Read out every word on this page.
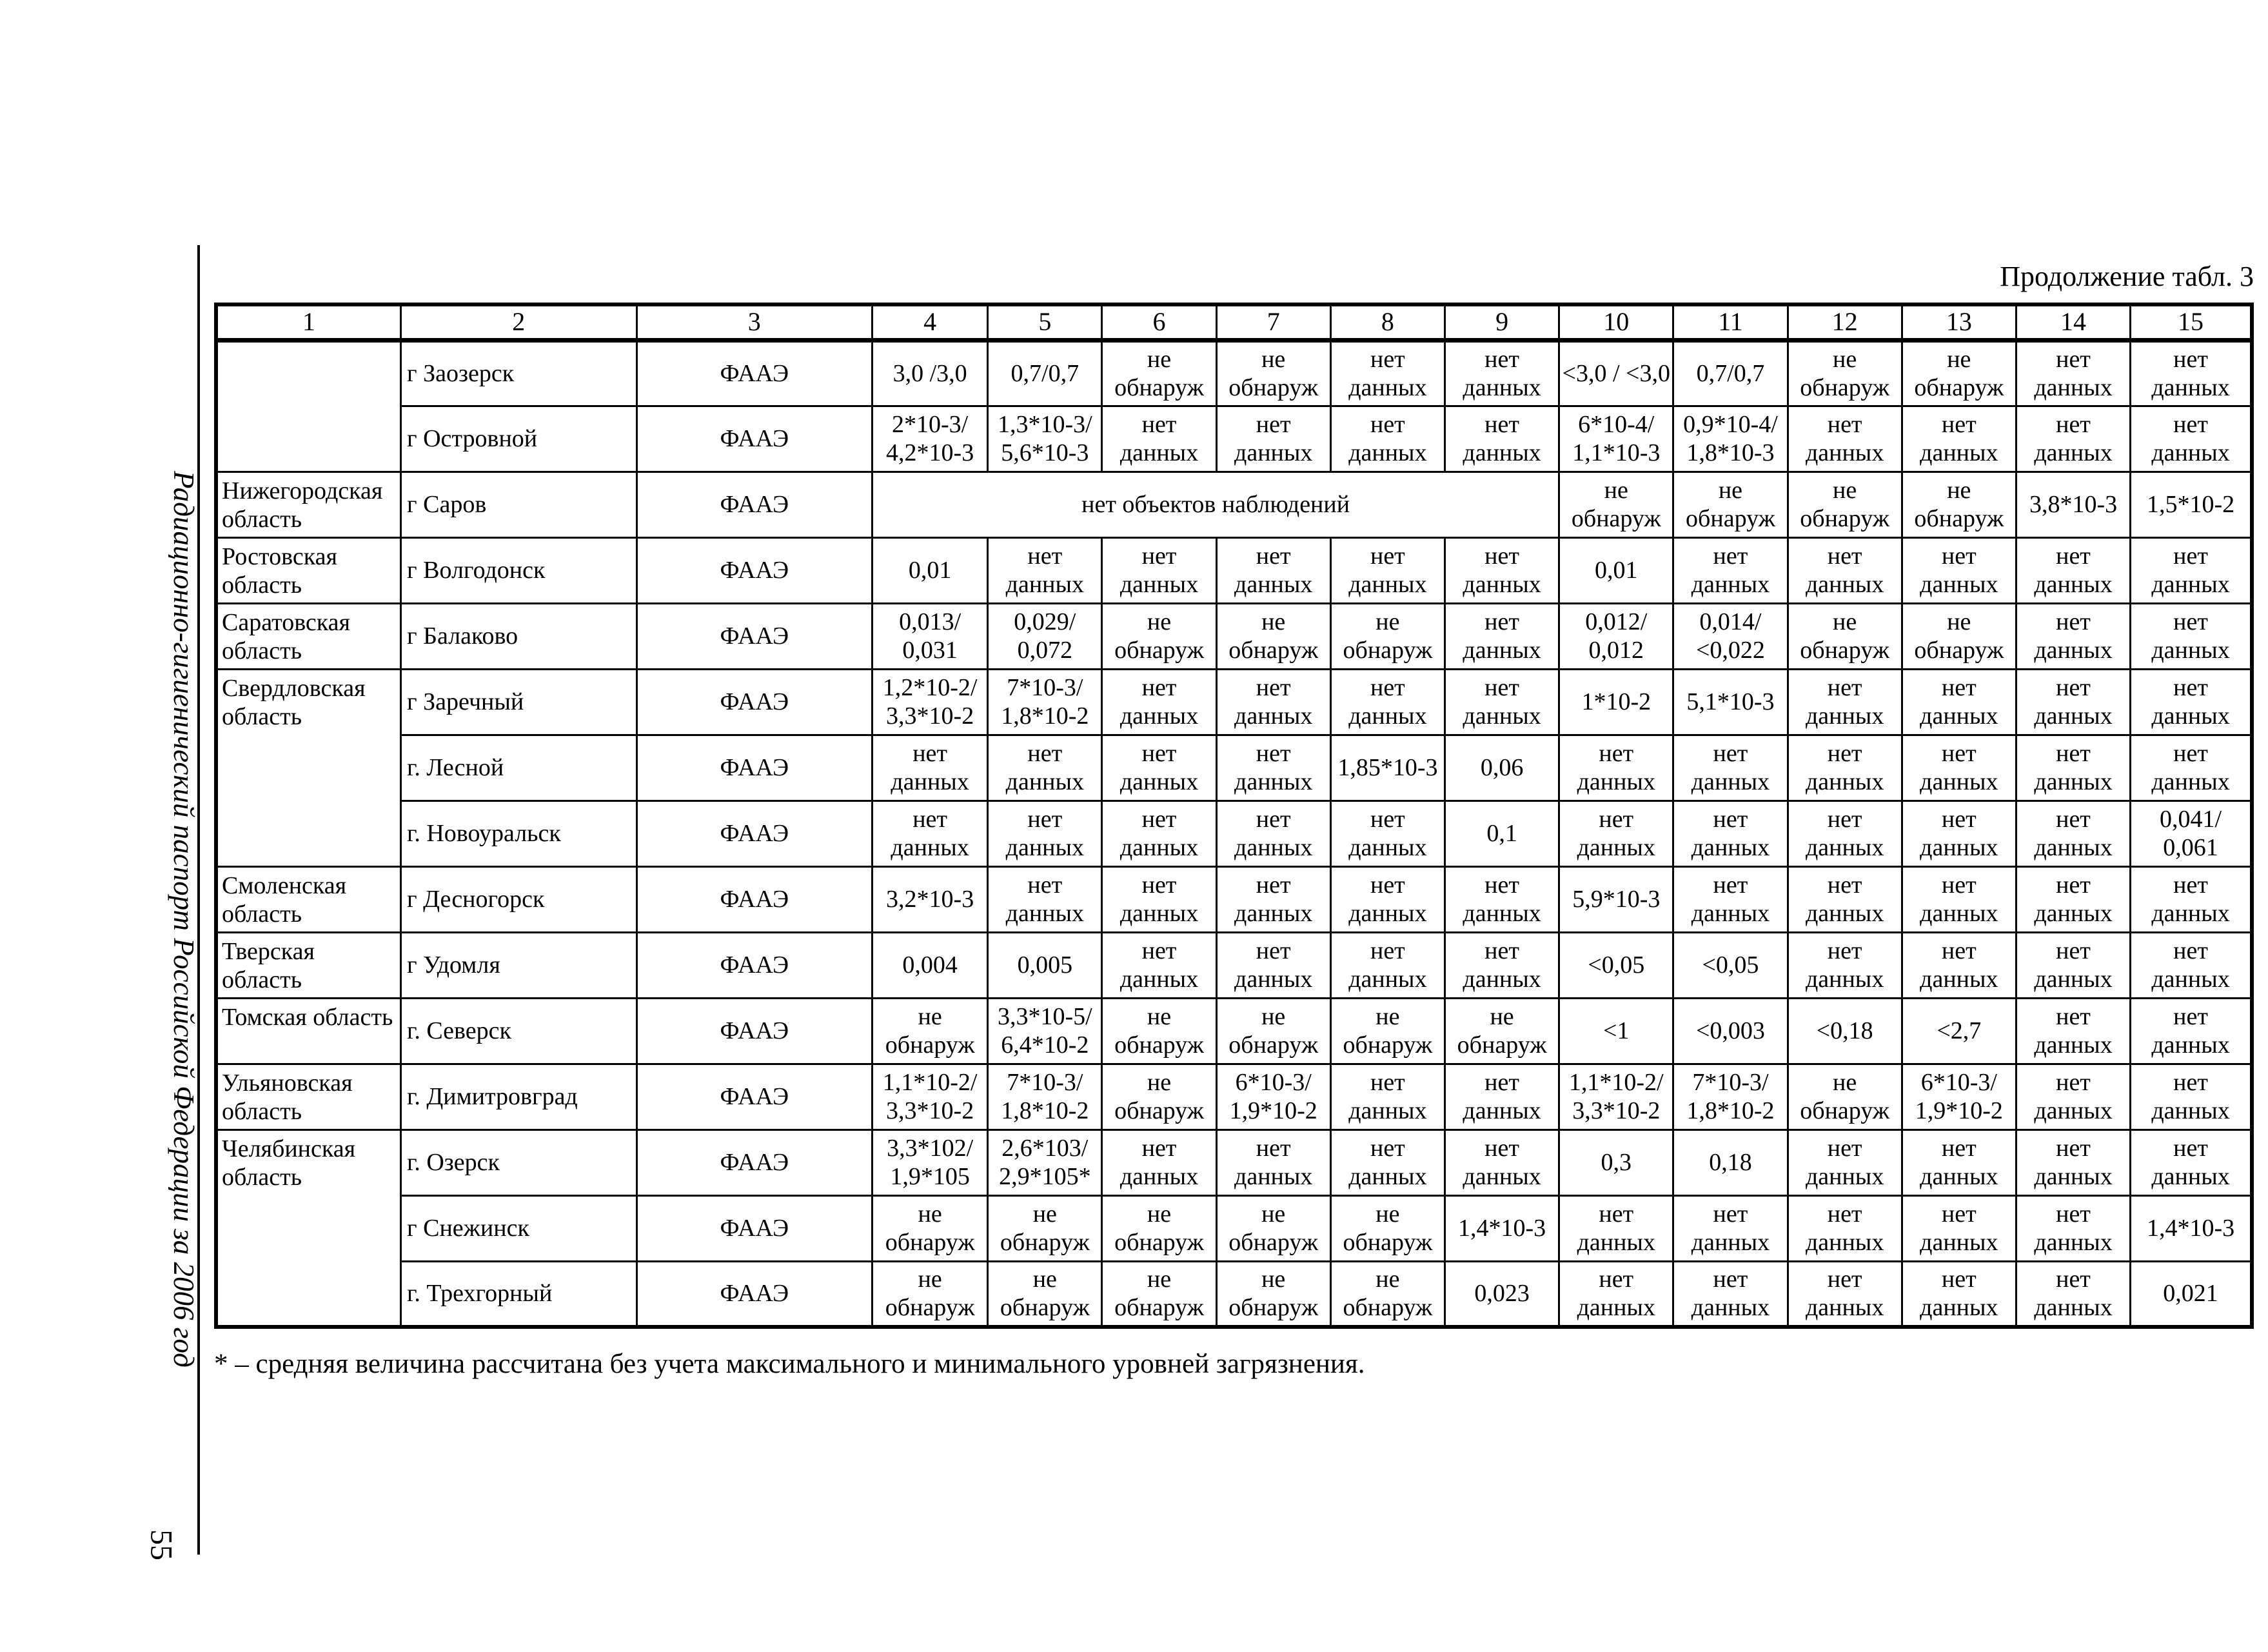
Радиационно-гигиенический паспорт Российской Федерации за 2006 год
55
Продолжение табл. 3
1	2	3	4	5	6	7	8	9	10	11	12	13	14	15
	г Заозерск	ФААЭ	3,0 /3,0	0,7/0,7	не обнаруж	не обнаруж	нет данных	нет данных	<3,0 / <3,0	0,7/0,7	не обнаруж	не обнаруж	нет данных	нет данных
	г Островной	ФААЭ	2*10-3/ 4,2*10-3	1,3*10-3/ 5,6*10-3	нет данных	нет данных	нет данных	нет данных	6*10-4/ 1,1*10-3	0,9*10-4/ 1,8*10-3	нет данных	нет данных	нет данных	нет данных
Нижегородская область	г Саров	ФААЭ	нет объектов наблюдений						не обнаруж	не обнаруж	не обнаруж	не обнаруж	3,8*10-3	1,5*10-2
Ростовская область	г Волгодонск	ФААЭ	0,01	нет данных	нет данных	нет данных	нет данных	нет данных	0,01	нет данных	нет данных	нет данных	нет данных	нет данных
Саратовская область	г Балаково	ФААЭ	0,013/ 0,031	0,029/ 0,072	не обнаруж	не обнаруж	не обнаруж	нет данных	0,012/ 0,012	0,014/ <0,022	не обнаруж	не обнаруж	нет данных	нет данных
Свердловская область	г Заречный	ФААЭ	1,2*10-2/ 3,3*10-2	7*10-3/ 1,8*10-2	нет данных	нет данных	нет данных	нет данных	1*10-2	5,1*10-3	нет данных	нет данных	нет данных	нет данных
	г. Лесной	ФААЭ	нет данных	нет данных	нет данных	нет данных	1,85*10-3	0,06	нет данных	нет данных	нет данных	нет данных	нет данных	нет данных
	г. Новоуральск	ФААЭ	нет данных	нет данных	нет данных	нет данных	нет данных	0,1	нет данных	нет данных	нет данных	нет данных	нет данных	0,041/ 0,061
Смоленская область	г Десногорск	ФААЭ	3,2*10-3	нет данных	нет данных	нет данных	нет данных	нет данных	5,9*10-3	нет данных	нет данных	нет данных	нет данных	нет данных
Тверская область	г Удомля	ФААЭ	0,004	0,005	нет данных	нет данных	нет данных	нет данных	<0,05	<0,05	нет данных	нет данных	нет данных	нет данных
Томская область	г. Северск	ФААЭ	не обнаруж	3,3*10-5/ 6,4*10-2	не обнаруж	не обнаруж	не обнаруж	не обнаруж	<1	<0,003	<0,18	<2,7	нет данных	нет данных
Ульяновская область	г. Димитровград	ФААЭ	1,1*10-2/ 3,3*10-2	7*10-3/ 1,8*10-2	не обнаруж	6*10-3/ 1,9*10-2	нет данных	нет данных	1,1*10-2/ 3,3*10-2	7*10-3/ 1,8*10-2	не обнаруж	6*10-3/ 1,9*10-2	нет данных	нет данных
Челябинская область	г. Озерск	ФААЭ	3,3*102/ 1,9*105	2,6*103/ 2,9*105*	нет данных	нет данных	нет данных	нет данных	0,3	0,18	нет данных	нет данных	нет данных	нет данных
	г Снежинск	ФААЭ	не обнаруж	не обнаруж	не обнаруж	не обнаруж	не обнаруж	1,4*10-3	нет данных	нет данных	нет данных	нет данных	нет данных	1,4*10-3
	г. Трехгорный	ФААЭ	не обнаруж	не обнаруж	не обнаруж	не обнаруж	не обнаруж	0,023	нет данных	нет данных	нет данных	нет данных	нет данных	0,021
* – средняя величина рассчитана без учета максимального и минимального уровней загрязнения.
